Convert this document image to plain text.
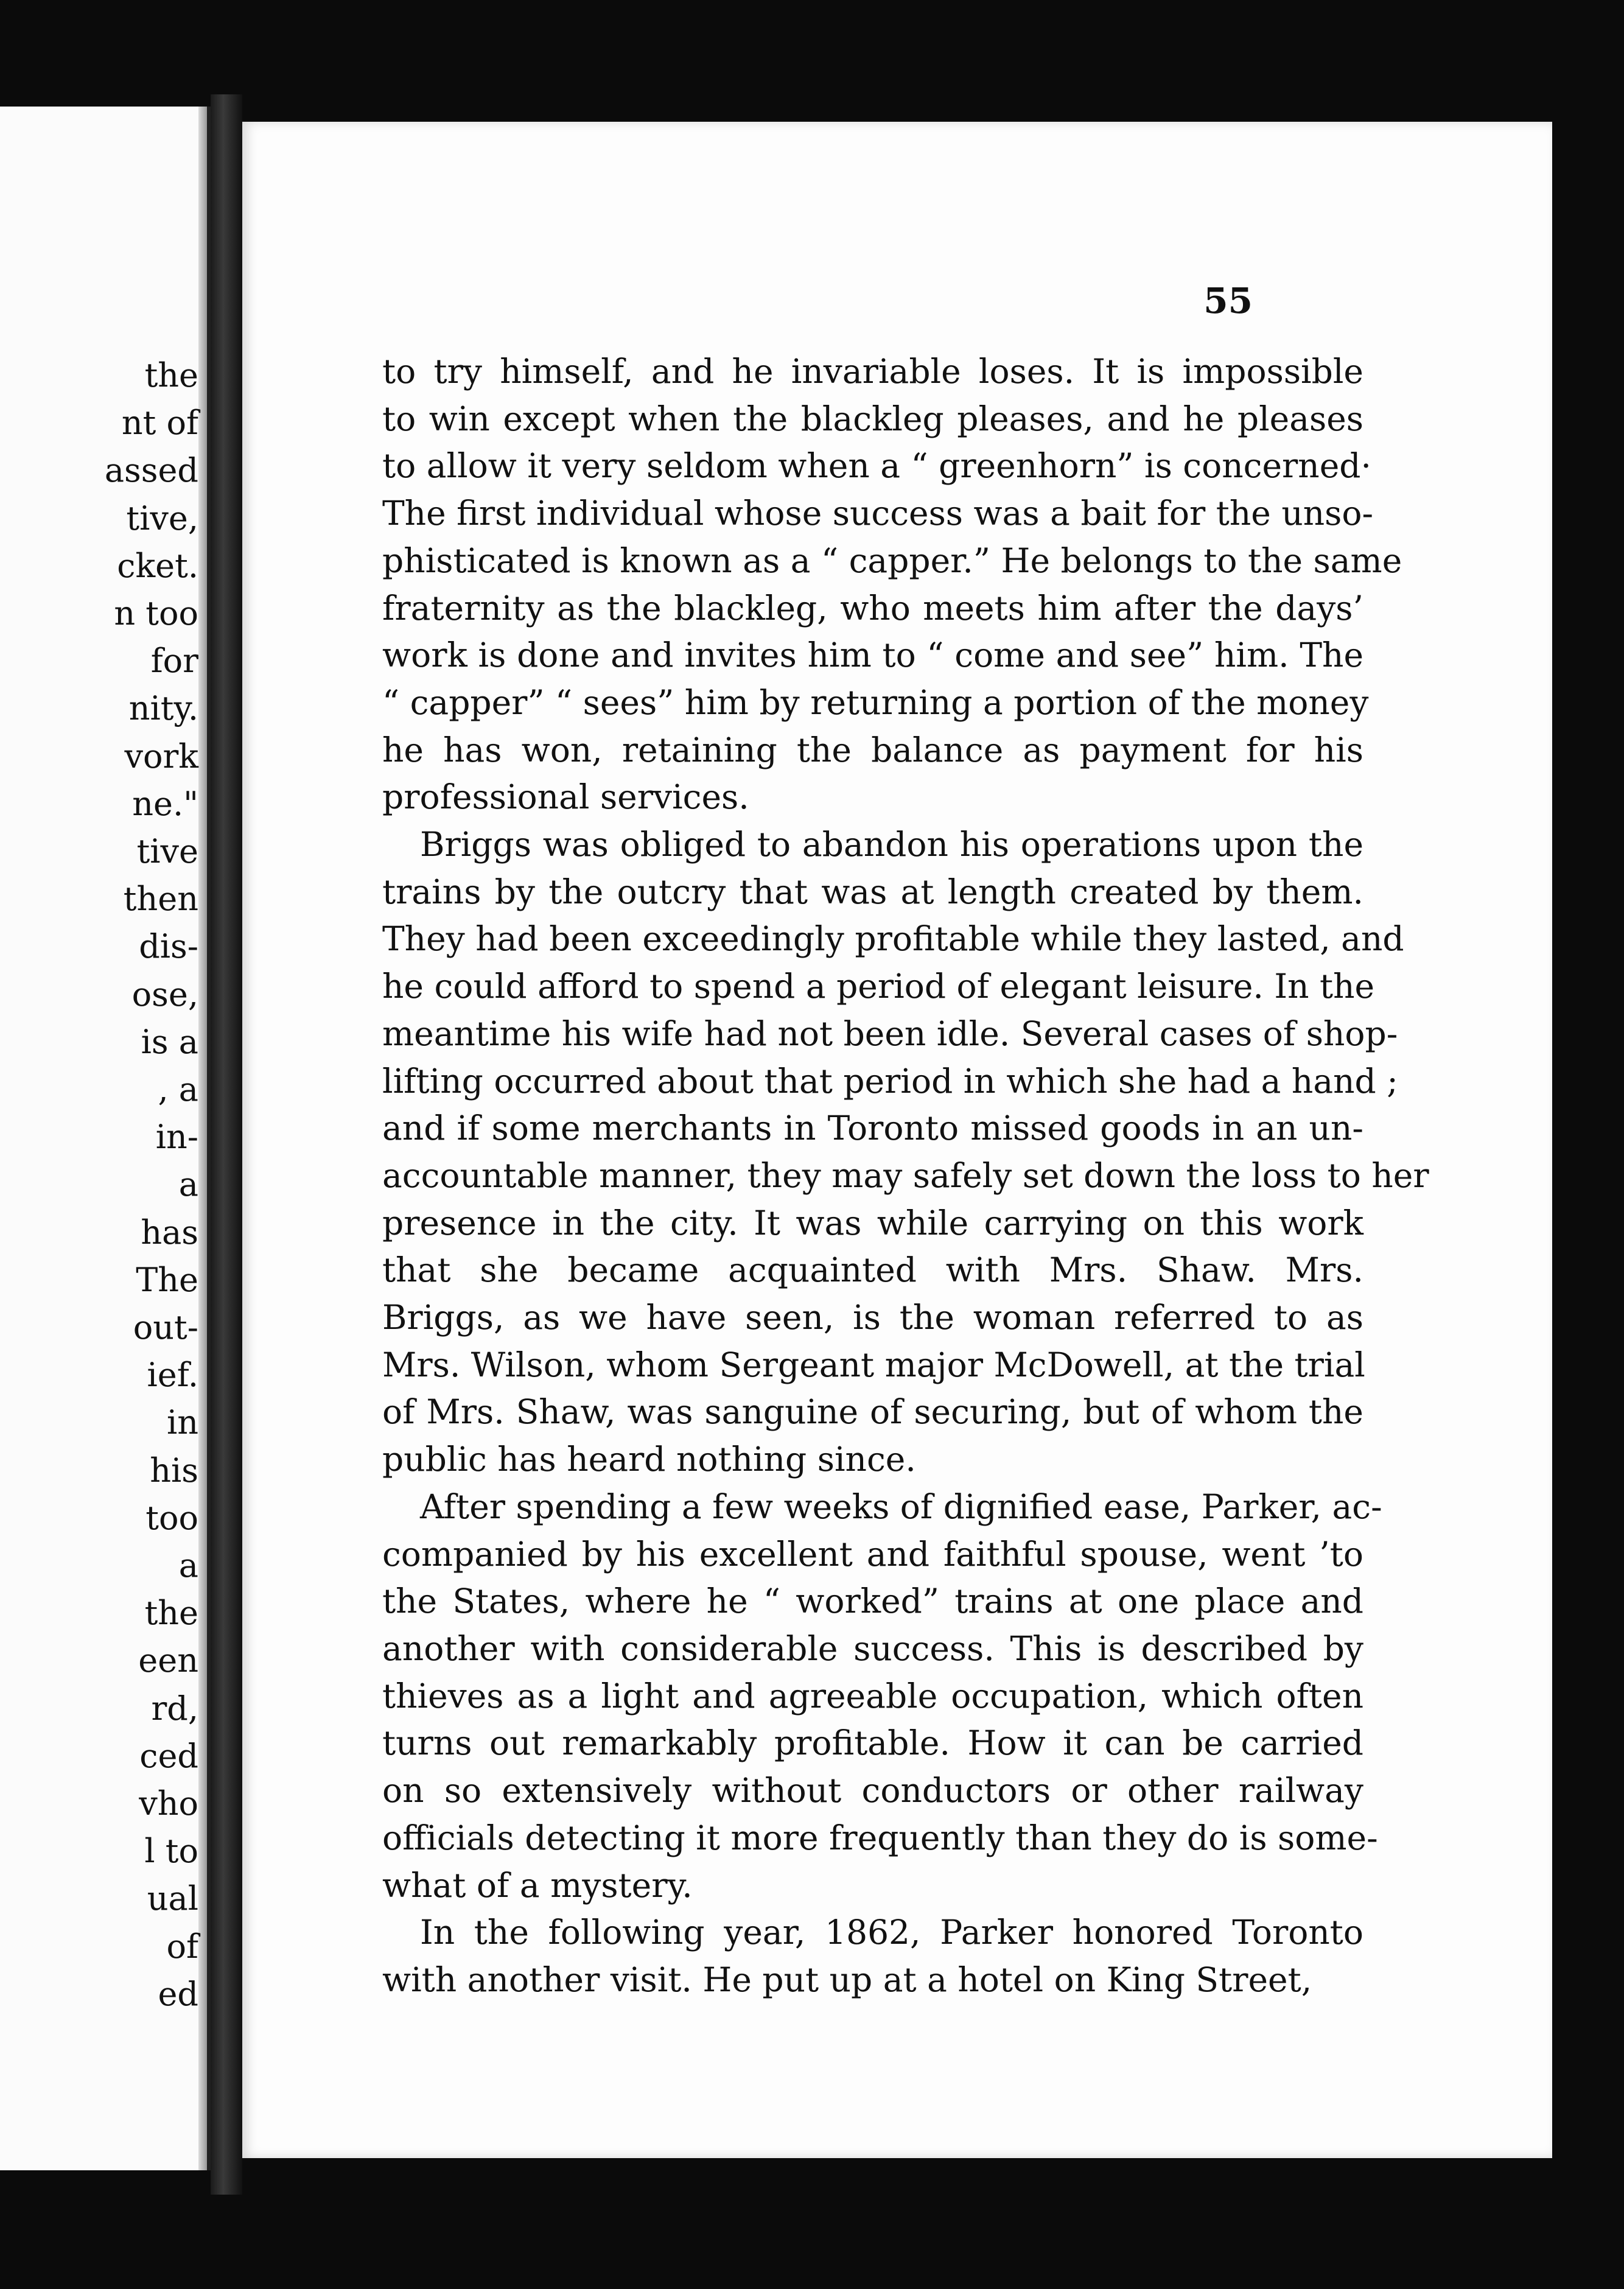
the
nt of
assed
tive,
cket.
n too
for
nity.
vork
ne."
tive
then
dis-
ose,
is a
, a
in-
a
has
The
out-
ief.
in
his
too
a
the
een
rd,
ced
vho
l to
ual
of
ed
55

to try himself, and he invariable loses. It is impossible
to win except when the blackleg pleases, and he pleases
to allow it very seldom when a “ greenhorn” is concerned·
The first individual whose success was a bait for the unso-
phisticated is known as a “ capper.” He belongs to the same
fraternity as the blackleg, who meets him after the days’
work is done and invites him to “ come and see” him. The
“ capper” “ sees” him by returning a portion of the money
he has won, retaining the balance as payment for his
professional services.

Briggs was obliged to abandon his operations upon the
trains by the outcry that was at length created by them.
They had been exceedingly profitable while they lasted, and
he could afford to spend a period of elegant leisure. In the
meantime his wife had not been idle. Several cases of shop-
lifting occurred about that period in which she had a hand ;
and if some merchants in Toronto missed goods in an un-
accountable manner, they may safely set down the loss to her
presence in the city. It was while carrying on this work
that she became acquainted with Mrs. Shaw. Mrs.
Briggs, as we have seen, is the woman referred to as
Mrs. Wilson, whom Sergeant major McDowell, at the trial
of Mrs. Shaw, was sanguine of securing, but of whom the
public has heard nothing since.

After spending a few weeks of dignified ease, Parker, ac-
companied by his excellent and faithful spouse, went ’to
the States, where he “ worked” trains at one place and
another with considerable success. This is described by
thieves as a light and agreeable occupation, which often
turns out remarkably profitable. How it can be carried
on so extensively without conductors or other railway
officials detecting it more frequently than they do is some-
what of a mystery.

In the following year, 1862, Parker honored Toronto
with another visit. He put up at a hotel on King Street,
